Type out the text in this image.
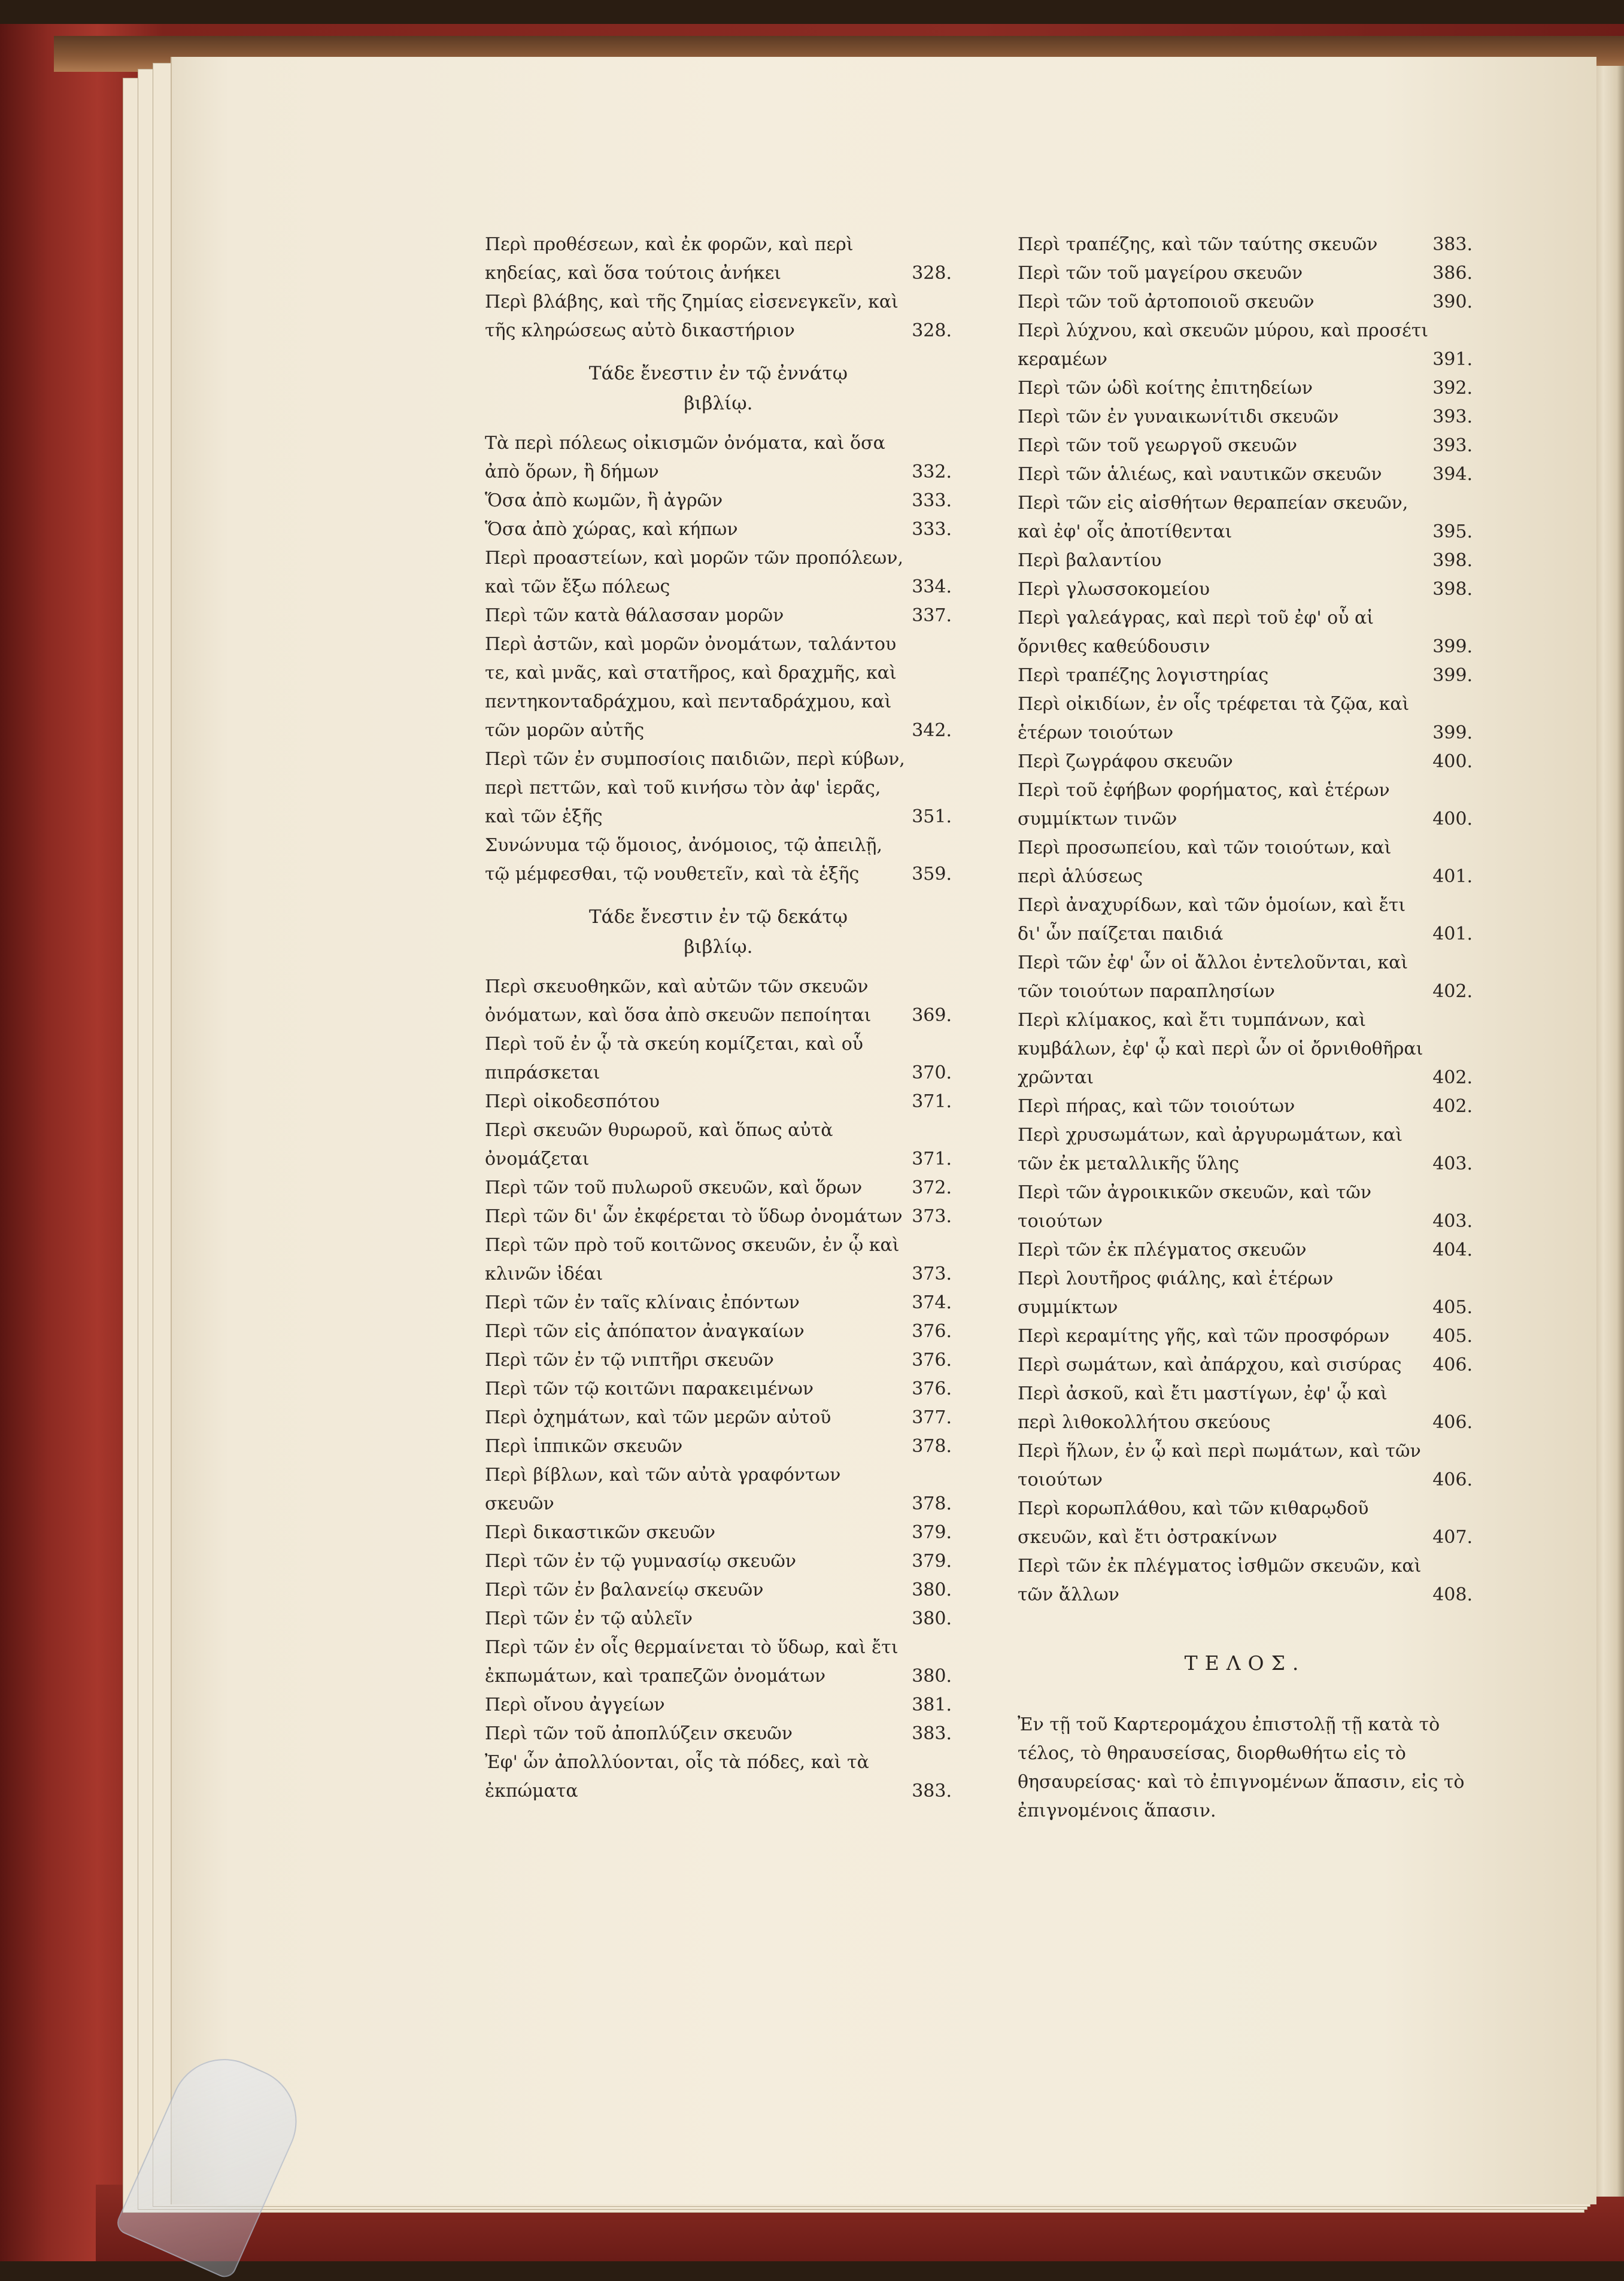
Περὶ προθέσεων, καὶ ἐκ φορῶν, καὶ περὶ κηδείας, καὶ ὅσα τούτοις ἀνήκει	328.
Περὶ βλάβης, καὶ τῆς ζημίας εἰσενεγκεῖν, καὶ τῆς κληρώσεως αὐτὸ δικαστήριον	328.
Τάδε ἔνεστιν ἐν τῷ ἐννάτῳ
βιβλίῳ.
Τὰ περὶ πόλεως οἰκισμῶν ὀνόματα, καὶ ὅσα ἀπὸ ὅρων, ἢ δήμων	332.
Ὅσα ἀπὸ κωμῶν, ἢ ἀγρῶν	333.
Ὅσα ἀπὸ χώρας, καὶ κήπων	333.
Περὶ προαστείων, καὶ μορῶν τῶν προπόλεων, καὶ τῶν ἔξω πόλεως	334.
Περὶ τῶν κατὰ θάλασσαν μορῶν	337.
Περὶ ἀστῶν, καὶ μορῶν ὀνομάτων, ταλάντου τε, καὶ μνᾶς, καὶ στατῆρος, καὶ δραχμῆς, καὶ πεντηκονταδράχμου, καὶ πενταδράχμου, καὶ τῶν μορῶν αὐτῆς	342.
Περὶ τῶν ἐν συμποσίοις παιδιῶν, περὶ κύβων, περὶ πεττῶν, καὶ τοῦ κινήσω τὸν ἀφ' ἱερᾶς, καὶ τῶν ἑξῆς	351.
Συνώνυμα τῷ ὅμοιος, ἀνόμοιος, τῷ ἀπειλῇ, τῷ μέμφεσθαι, τῷ νουθετεῖν, καὶ τὰ ἑξῆς	359.
Τάδε ἔνεστιν ἐν τῷ δεκάτῳ
βιβλίῳ.
Περὶ σκευοθηκῶν, καὶ αὐτῶν τῶν σκευῶν ὀνόματων, καὶ ὅσα ἀπὸ σκευῶν πεποίηται	369.
Περὶ τοῦ ἐν ᾧ τὰ σκεύη κομίζεται, καὶ οὗ πιπράσκεται	370.
Περὶ οἰκοδεσπότου	371.
Περὶ σκευῶν θυρωροῦ, καὶ ὅπως αὐτὰ ὀνομάζεται	371.
Περὶ τῶν τοῦ πυλωροῦ σκευῶν, καὶ ὅρων	372.
Περὶ τῶν δι' ὧν ἐκφέρεται τὸ ὕδωρ ὀνομάτων 373.
Περὶ τῶν πρὸ τοῦ κοιτῶνος σκευῶν, ἐν ᾧ καὶ κλινῶν ἰδέαι	373.
Περὶ τῶν ἐν ταῖς κλίναις ἐπόντων	374.
Περὶ τῶν εἰς ἀπόπατον ἀναγκαίων	376.
Περὶ τῶν ἐν τῷ νιπτῆρι σκευῶν	376.
Περὶ τῶν τῷ κοιτῶνι παρακειμένων	376.
Περὶ ὀχημάτων, καὶ τῶν μερῶν αὐτοῦ	377.
Περὶ ἱππικῶν σκευῶν	378.
Περὶ βίβλων, καὶ τῶν αὐτὰ γραφόντων σκευῶν	378.
Περὶ δικαστικῶν σκευῶν	379.
Περὶ τῶν ἐν τῷ γυμνασίῳ σκευῶν	379.
Περὶ τῶν ἐν βαλανείῳ σκευῶν	380.
Περὶ τῶν ἐν τῷ αὐλεῖν	380.
Περὶ τῶν ἐν οἷς θερμαίνεται τὸ ὕδωρ, καὶ ἔτι ἐκπωμάτων, καὶ τραπεζῶν ὀνομάτων	380.
Περὶ οἴνου ἀγγείων	381.
Περὶ τῶν τοῦ ἀποπλύζειν σκευῶν	383.
Ἐφ' ὧν ἀπολλύονται, οἷς τὰ πόδες, καὶ τὰ ἐκπώματα	383.
Περὶ τραπέζης, καὶ τῶν ταύτης σκευῶν	383.
Περὶ τῶν τοῦ μαγείρου σκευῶν	386.
Περὶ τῶν τοῦ ἀρτοποιοῦ σκευῶν	390.
Περὶ λύχνου, καὶ σκευῶν μύρου, καὶ προσέτι κεραμέων	391.
Περὶ τῶν ὡδὶ κοίτης ἐπιτηδείων	392.
Περὶ τῶν ἐν γυναικωνίτιδι σκευῶν	393.
Περὶ τῶν τοῦ γεωργοῦ σκευῶν	393.
Περὶ τῶν ἁλιέως, καὶ ναυτικῶν σκευῶν	394.
Περὶ τῶν εἰς αἰσθήτων θεραπείαν σκευῶν, καὶ ἐφ' οἷς ἀποτίθενται	395.
Περὶ βαλαντίου	398.
Περὶ γλωσσοκομείου	398.
Περὶ γαλεάγρας, καὶ περὶ τοῦ ἐφ' οὗ αἱ ὄρνιθες καθεύδουσιν	399.
Περὶ τραπέζης λογιστηρίας	399.
Περὶ οἰκιδίων, ἐν οἷς τρέφεται τὰ ζῷα, καὶ ἑτέρων τοιούτων	399.
Περὶ ζωγράφου σκευῶν	400.
Περὶ τοῦ ἐφήβων φορήματος, καὶ ἑτέρων συμμίκτων τινῶν	400.
Περὶ προσωπείου, καὶ τῶν τοιούτων, καὶ περὶ ἁλύσεως	401.
Περὶ ἀναχυρίδων, καὶ τῶν ὁμοίων, καὶ ἔτι δι' ὧν παίζεται παιδιά	401.
Περὶ τῶν ἐφ' ὧν οἱ ἄλλοι ἐντελοῦνται, καὶ τῶν τοιούτων παραπλησίων	402.
Περὶ κλίμακος, καὶ ἔτι τυμπάνων, καὶ κυμβάλων, ἐφ' ᾧ καὶ περὶ ὧν οἱ ὄρνιθοθῆραι χρῶνται	402.
Περὶ πήρας, καὶ τῶν τοιούτων	402.
Περὶ χρυσωμάτων, καὶ ἀργυρωμάτων, καὶ τῶν ἐκ μεταλλικῆς ὕλης	403.
Περὶ τῶν ἀγροικικῶν σκευῶν, καὶ τῶν τοιούτων	403.
Περὶ τῶν ἐκ πλέγματος σκευῶν	404.
Περὶ λουτῆρος φιάλης, καὶ ἑτέρων συμμίκτων	405.
Περὶ κεραμίτης γῆς, καὶ τῶν προσφόρων	405.
Περὶ σωμάτων, καὶ ἀπάρχου, καὶ σισύρας	406.
Περὶ ἀσκοῦ, καὶ ἔτι μαστίγων, ἐφ' ᾧ καὶ περὶ λιθοκολλήτου σκεύους	406.
Περὶ ἥλων, ἐν ᾧ καὶ περὶ πωμάτων, καὶ τῶν τοιούτων	406.
Περὶ κορωπλάθου, καὶ τῶν κιθαρῳδοῦ σκευῶν, καὶ ἔτι ὀστρακίνων	407.
Περὶ τῶν ἐκ πλέγματος ἰσθμῶν σκευῶν, καὶ τῶν ἄλλων	408.
ΤΕΛΟΣ.
Ἐν τῇ τοῦ Καρτερομάχου ἐπιστολῇ τῇ κατὰ τὸ τέλος, τὸ θηραυσείσας, διορθωθήτω εἰς τὸ θησαυρείσας· καὶ τὸ ἐπιγνομένων ἅπασιν, εἰς τὸ ἐπιγνομένοις ἅπασιν.
